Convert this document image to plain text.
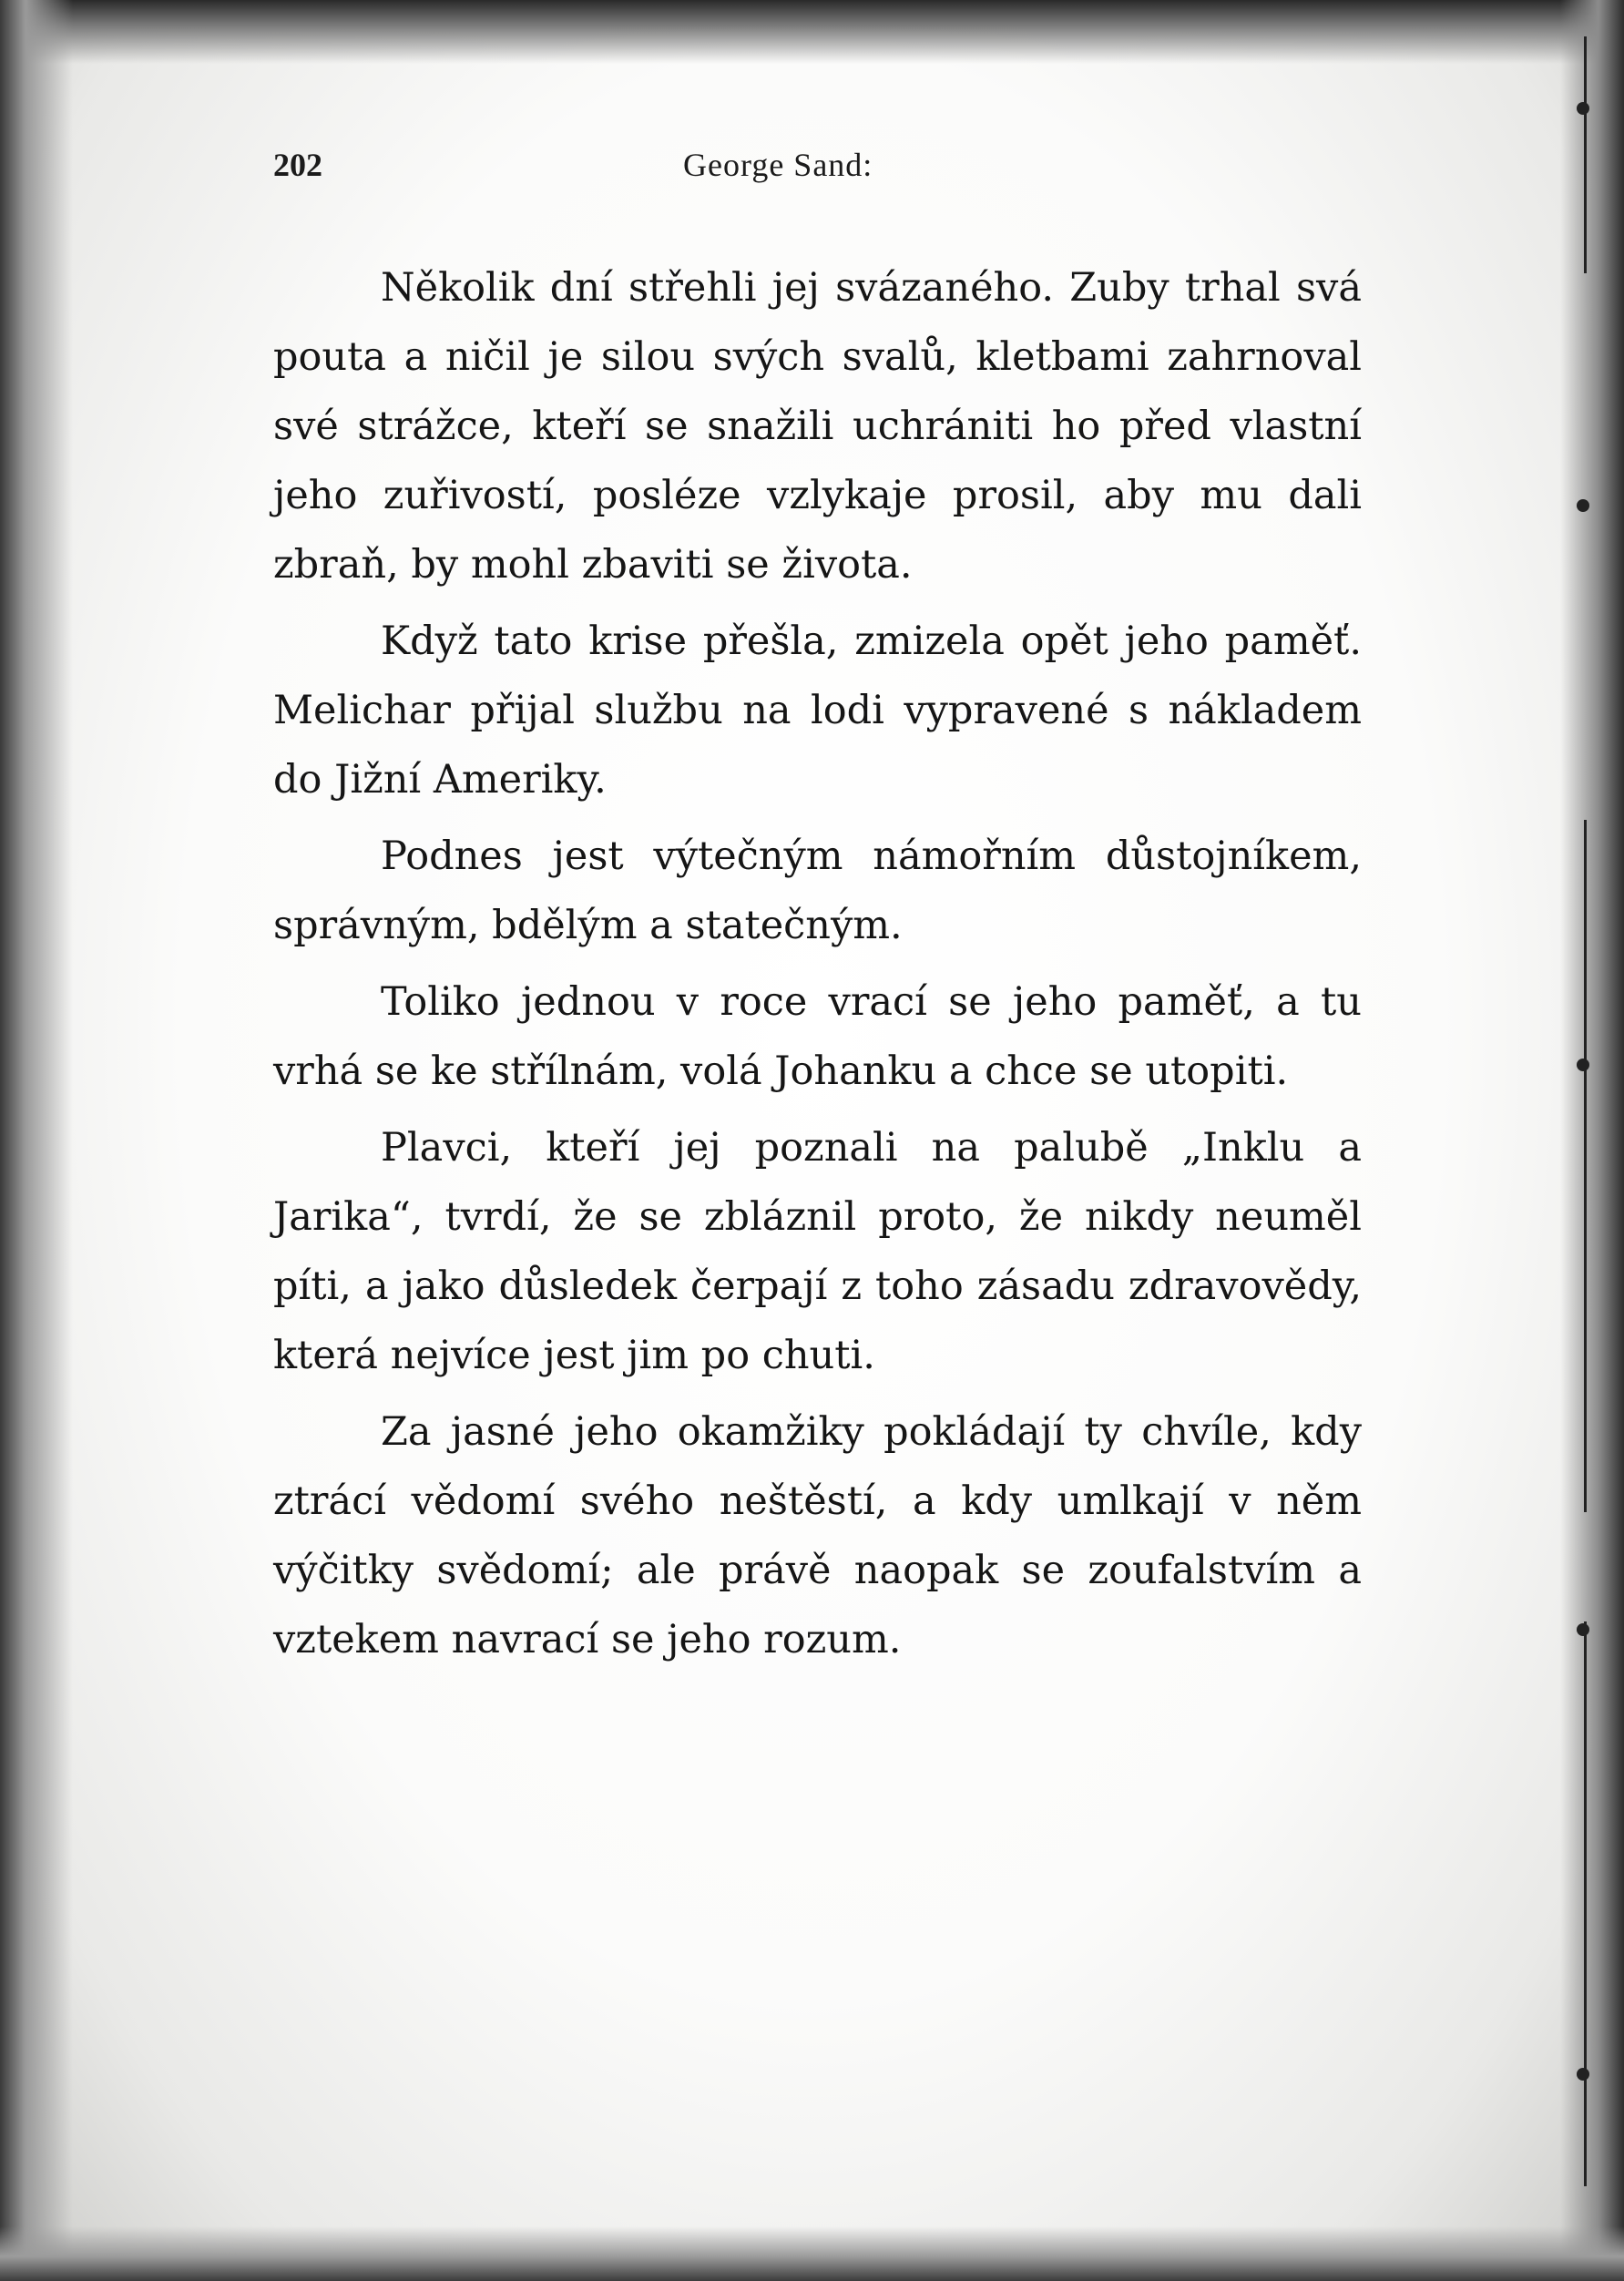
202	George Sand:

Několik dní střehli jej svázaného. Zuby trhal svá pouta a ničil je silou svých svalů, kletbami zahrnoval své strážce, kteří se snažili uchrániti ho před vlastní jeho zuřivostí, posléze vzlykaje prosil, aby mu dali zbraň, by mohl zbaviti se života.

Když tato krise přešla, zmizela opět jeho paměť. Melichar přijal službu na lodi vypravené s nákladem do Jižní Ameriky.

Podnes jest výtečným námořním důstojníkem, správným, bdělým a statečným.

Toliko jednou v roce vrací se jeho paměť, a tu vrhá se ke střílnám, volá Johanku a chce se utopiti.

Plavci, kteří jej poznali na palubě „Inklu a Jarika“, tvrdí, že se zbláznil proto, že nikdy neuměl píti, a jako důsledek čerpají z toho zásadu zdravovědy, která nejvíce jest jim po chuti.

Za jasné jeho okamžiky pokládají ty chvíle, kdy ztrácí vědomí svého neštěstí, a kdy umlkají v něm výčitky svědomí; ale právě naopak se zoufalstvím a vztekem navrací se jeho rozum.
